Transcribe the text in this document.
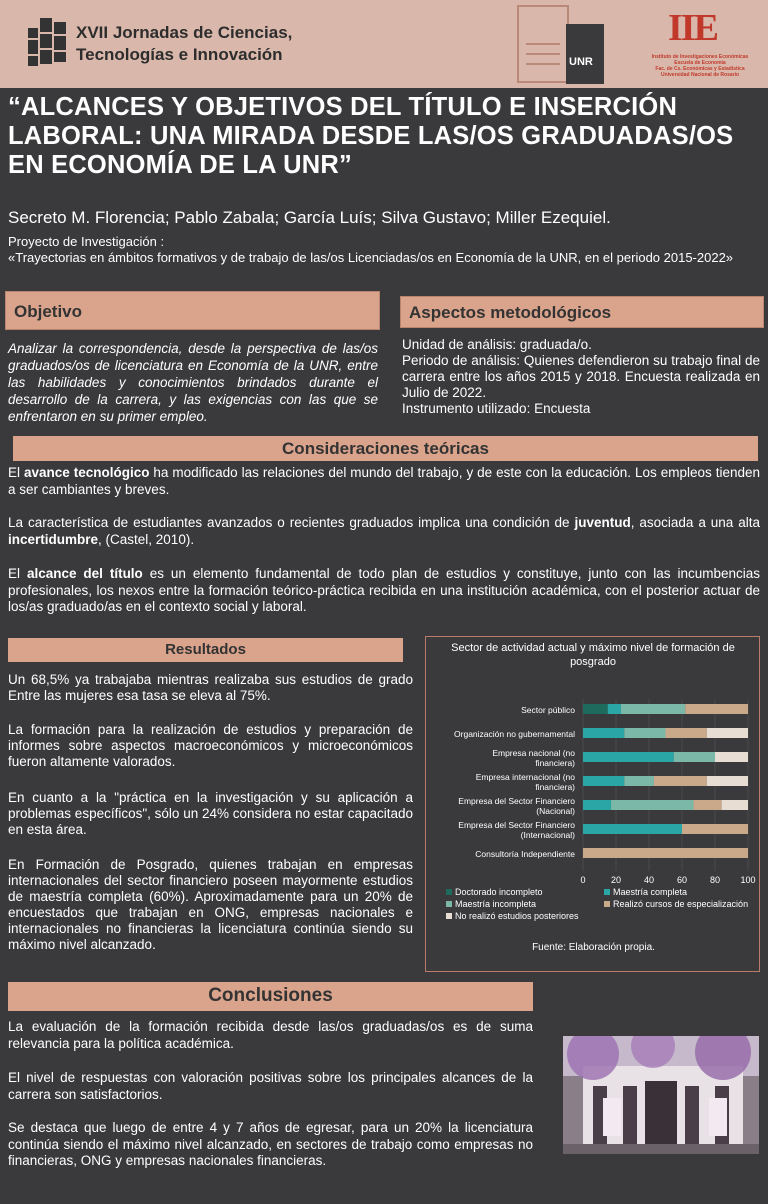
XVII Jornadas de Ciencias,
Tecnologías e Innovación	UNR
IIE
Instituto de Investigaciones Económicas
Escuela de Economía
Fac. de Cs. Económicas y Estadística
Universidad Nacional de Rosario
“ALCANCES Y OBJETIVOS DEL TÍTULO E INSERCIÓN LABORAL: UNA MIRADA DESDE LAS/OS GRADUADAS/OS EN ECONOMÍA DE LA UNR”
Secreto M. Florencia; Pablo Zabala; García Luís; Silva Gustavo; Miller Ezequiel.
Proyecto de Investigación :
«Trayectorias en ámbitos formativos y de trabajo de las/os Licenciadas/os en Economía de la UNR, en el periodo 2015-2022»
Objetivo
Analizar la correspondencia, desde la perspectiva de las/os graduados/os de licenciatura en Economía de la UNR, entre las habilidades y conocimientos brindados durante el desarrollo de la carrera, y las exigencias con las que se enfrentaron en su primer empleo.
Aspectos metodológicos
Unidad de análisis: graduada/o.
Periodo de análisis: Quienes defendieron su trabajo final de carrera entre los años 2015 y 2018. Encuesta realizada en Julio de 2022.
Instrumento utilizado: Encuesta
Consideraciones teóricas
El avance tecnológico ha modificado las relaciones del mundo del trabajo, y de este con la educación. Los empleos tienden a ser cambiantes y breves.
La característica de estudiantes avanzados o recientes graduados implica una condición de juventud, asociada a una alta incertidumbre, (Castel, 2010).
El alcance del título es un elemento fundamental de todo plan de estudios y constituye, junto con las incumbencias profesionales, los nexos entre la formación teórico-práctica recibida en una institución académica, con el posterior actuar de los/as graduado/as en el contexto social y laboral.
Resultados
Un 68,5% ya trabajaba mientras realizaba sus estudios de grado Entre las mujeres esa tasa se eleva al 75%.
La formación para la realización de estudios y preparación de informes sobre aspectos macroeconómicos y microeconómicos fueron altamente valorados.
En cuanto a la "práctica en la investigación y su aplicación a problemas específicos", sólo un 24% considera no estar capacitado en esta área.
En Formación de Posgrado, quienes trabajan en empresas internacionales del sector financiero poseen mayormente estudios de maestría completa (60%). Aproximadamente para un 20% de encuestados que trabajan en ONG, empresas nacionales e internacionales no financieras la licenciatura continúa siendo su máximo nivel alcanzado.
Sector de actividad actual y máximo nivel de formación de posgrado
0	20	40	60	80 100
Sector público
Organización no gubernamental
Empresa nacional (no financiera)
Empresa internacional (no financiera)
Empresa del Sector Financiero (Nacional)
Empresa del Sector Financiero (Internacional)
Consultoría Independiente
Doctorado incompleto	Maestría completa
Maestría incompleta	Realizó cursos de especialización
No realizó estudios posteriores
Fuente: Elaboración propia.
Conclusiones
La evaluación de la formación recibida desde las/os graduadas/os es de suma relevancia para la política académica.
El nivel de respuestas con valoración positivas sobre los principales alcances de la carrera son satisfactorios.
Se destaca que luego de entre 4 y 7 años de egresar, para un 20% la licenciatura continúa siendo el máximo nivel alcanzado, en sectores de trabajo como empresas no financieras, ONG y empresas nacionales financieras.
